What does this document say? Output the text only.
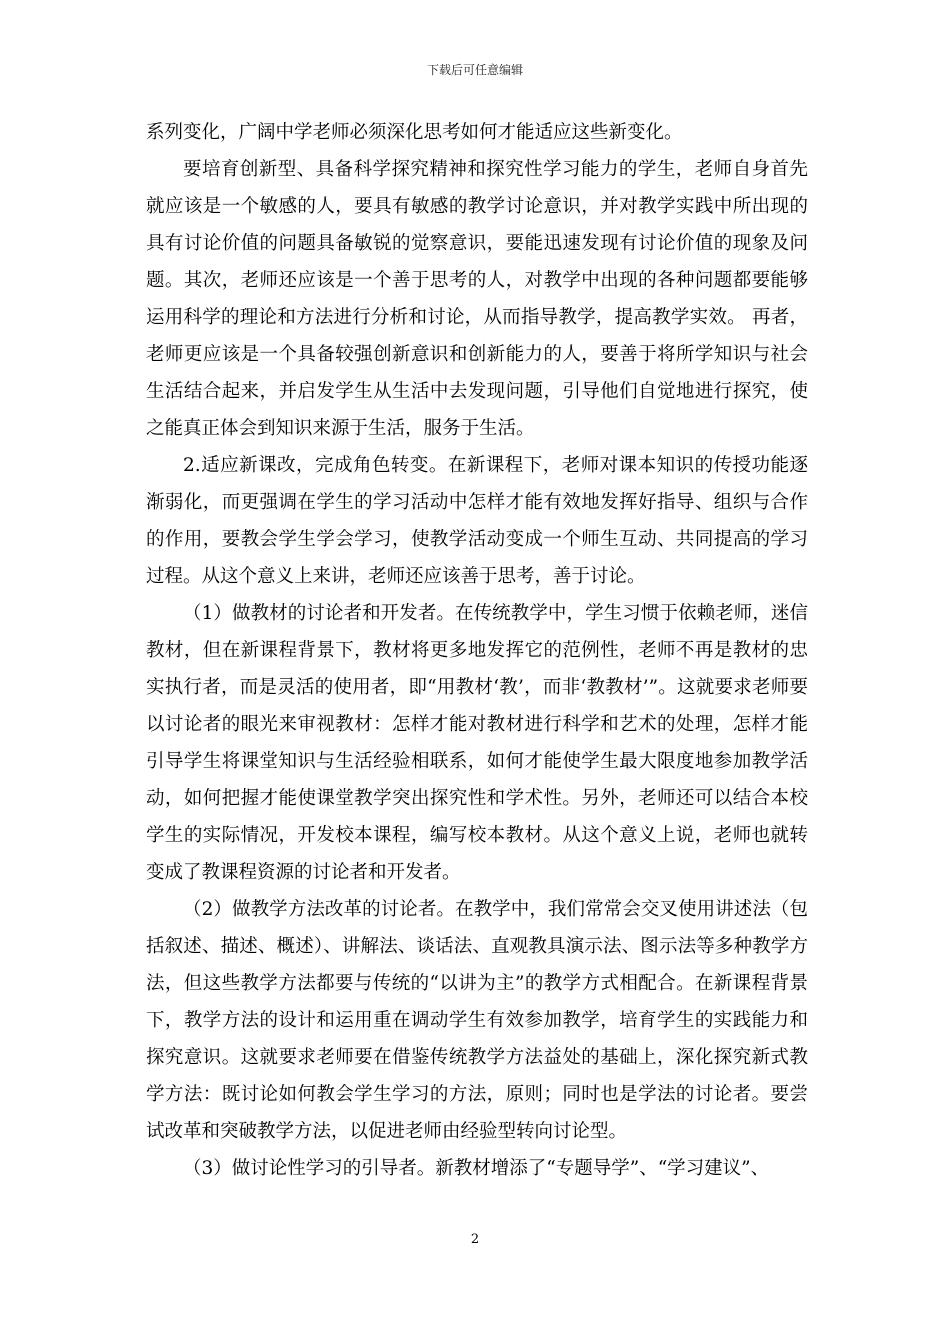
下载后可任意编辑

系列变化，广阔中学老师必须深化思考如何才能适应这些新变化。

要培育创新型、具备科学探究精神和探究性学习能力的学生，老师自身首先就应该是一个敏感的人，要具有敏感的教学讨论意识，并对教学实践中所出现的具有讨论价值的问题具备敏锐的觉察意识，要能迅速发现有讨论价值的现象及问题。其次，老师还应该是一个善于思考的人，对教学中出现的各种问题都要能够运用科学的理论和方法进行分析和讨论，从而指导教学，提高教学实效。 再者，老师更应该是一个具备较强创新意识和创新能力的人，要善于将所学知识与社会生活结合起来，并启发学生从生活中去发现问题，引导他们自觉地进行探究，使之能真正体会到知识来源于生活，服务于生活。

2.适应新课改，完成角色转变。在新课程下，老师对课本知识的传授功能逐渐弱化，而更强调在学生的学习活动中怎样才能有效地发挥好指导、组织与合作的作用，要教会学生学会学习，使教学活动变成一个师生互动、共同提高的学习过程。从这个意义上来讲，老师还应该善于思考，善于讨论。

（1）做教材的讨论者和开发者。在传统教学中，学生习惯于依赖老师，迷信教材，但在新课程背景下，教材将更多地发挥它的范例性，老师不再是教材的忠实执行者，而是灵活的使用者，即“用教材‘教’，而非‘教教材’”。这就要求老师要以讨论者的眼光来审视教材：怎样才能对教材进行科学和艺术的处理，怎样才能引导学生将课堂知识与生活经验相联系，如何才能使学生最大限度地参加教学活动，如何把握才能使课堂教学突出探究性和学术性。另外，老师还可以结合本校学生的实际情况，开发校本课程，编写校本教材。从这个意义上说，老师也就转变成了教课程资源的讨论者和开发者。

（2）做教学方法改革的讨论者。在教学中，我们常常会交叉使用讲述法（包括叙述、描述、概述）、讲解法、谈话法、直观教具演示法、图示法等多种教学方法，但这些教学方法都要与传统的“以讲为主”的教学方式相配合。在新课程背景下，教学方法的设计和运用重在调动学生有效参加教学，培育学生的实践能力和探究意识。这就要求老师要在借鉴传统教学方法益处的基础上，深化探究新式教学方法：既讨论如何教会学生学习的方法，原则；同时也是学法的讨论者。要尝试改革和突破教学方法，以促进老师由经验型转向讨论型。

（3）做讨论性学习的引导者。新教材增添了“专题导学”、“学习建议”、

2
